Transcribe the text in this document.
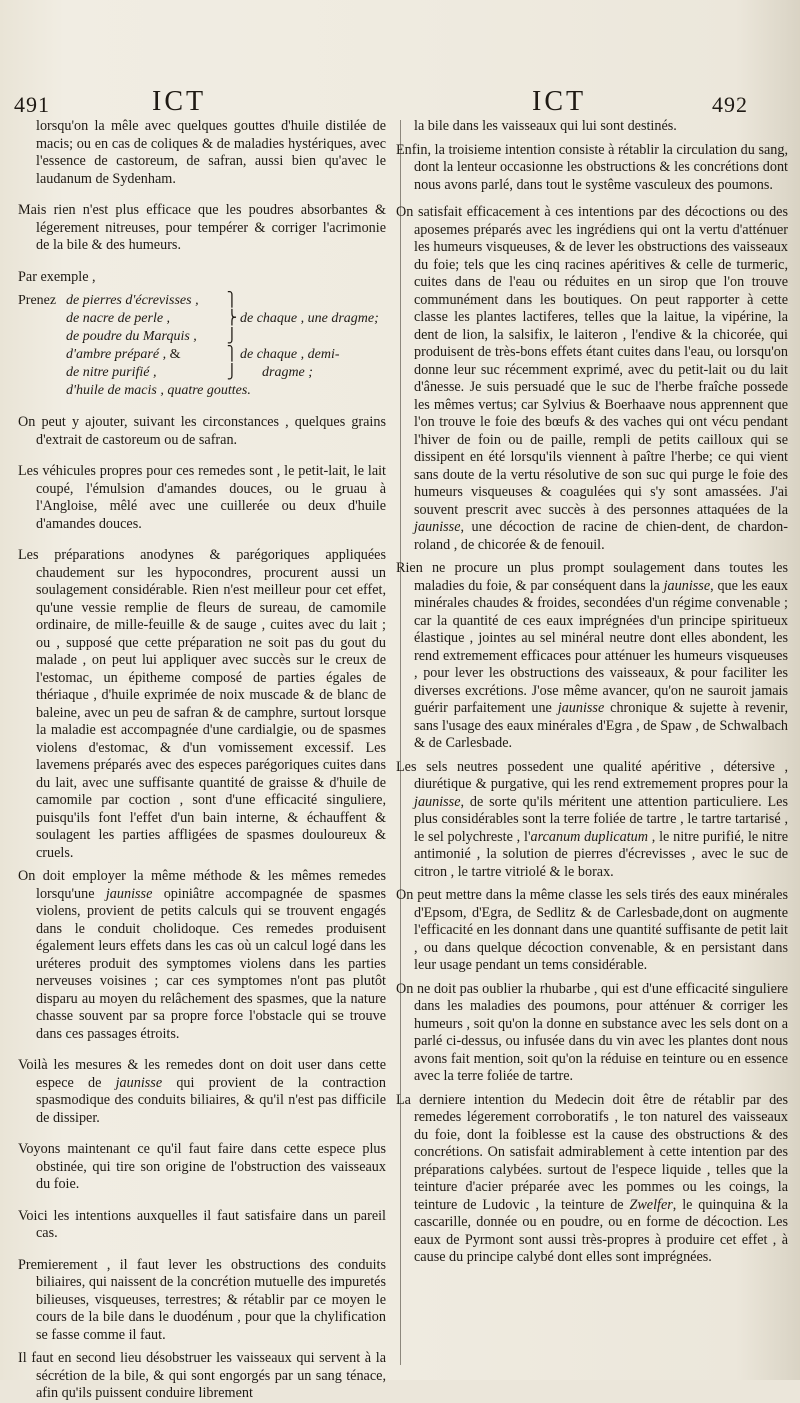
491	ICT	ICT	492

lorsqu'on la mêle avec quelques gouttes d'huile distilée de macis; ou en cas de coliques & de maladies hystériques, avec l'essence de castoreum, de safran, aussi bien qu'avec le laudanum de Sydenham.

Mais rien n'est plus efficace que les poudres absorbantes & légerement nitreuses, pour tempérer & corriger l'acrimonie de la bile & des humeurs.

Par exemple ,

Prenez de pierres d'écrevisses ,	⎫
de nacre de perle ,	⎬ de chaque , une dragme;
de poudre du Marquis ,	⎭
d'ambre préparé , &	⎫ de chaque , demi-
de nitre purifié ,	⎭	dragme ;
d'huile de macis , quatre gouttes.

On peut y ajouter, suivant les circonstances , quelques grains d'extrait de castoreum ou de safran.

Les véhicules propres pour ces remedes sont , le petit-lait, le lait coupé, l'émulsion d'amandes douces, ou le gruau à l'Angloise, mêlé avec une cuillerée ou deux d'huile d'amandes douces.

Les préparations anodynes & parégoriques appliquées chaudement sur les hypocondres, procurent aussi un soulagement considérable. Rien n'est meilleur pour cet effet, qu'une vessie remplie de fleurs de sureau, de camomile ordinaire, de mille-feuille & de sauge , cuites avec du lait ; ou , supposé que cette préparation ne soit pas du gout du malade , on peut lui appliquer avec succès sur le creux de l'estomac, un épitheme composé de parties égales de thériaque , d'huile exprimée de noix muscade & de blanc de baleine, avec un peu de safran & de camphre, surtout lorsque la maladie est accompagnée d'une cardialgie, ou de spasmes violens d'estomac, & d'un vomissement excessif. Les lavemens préparés avec des especes parégoriques cuites dans du lait, avec une suffisante quantité de graisse & d'huile de camomile par coction , sont d'une efficacité singuliere, puisqu'ils font l'effet d'un bain interne, & échauffent & soulagent les parties affligées de spasmes douloureux & cruels.

On doit employer la même méthode & les mêmes remedes lorsqu'une jaunisse opiniâtre accompagnée de spasmes violens, provient de petits calculs qui se trouvent engagés dans le conduit cholidoque. Ces remedes produisent également leurs effets dans les cas où un calcul logé dans les uréteres produit des symptomes violens dans les parties nerveuses voisines ; car ces symptomes n'ont pas plutôt disparu au moyen du relâchement des spasmes, que la nature chasse souvent par sa propre force l'obstacle qui se trouve dans ces passages étroits.

Voilà les mesures & les remedes dont on doit user dans cette espece de jaunisse qui provient de la contraction spasmodique des conduits biliaires, & qu'il n'est pas difficile de dissiper.

Voyons maintenant ce qu'il faut faire dans cette espece plus obstinée, qui tire son origine de l'obstruction des vaisseaux du foie.

Voici les intentions auxquelles il faut satisfaire dans un pareil cas.

Premierement , il faut lever les obstructions des conduits biliaires, qui naissent de la concrétion mutuelle des impuretés bilieuses, visqueuses, terrestres; & rétablir par ce moyen le cours de la bile dans le duodénum , pour que la chylification se fasse comme il faut.

Il faut en second lieu désobstruer les vaisseaux qui servent à la sécrétion de la bile, & qui sont engorgés par un sang ténace, afin qu'ils puissent conduire librement

la bile dans les vaisseaux qui lui sont destinés.

Enfin, la troisieme intention consiste à rétablir la circulation du sang, dont la lenteur occasionne les obstructions & les concrétions dont nous avons parlé, dans tout le systême vasculeux des poumons.

On satisfait efficacement à ces intentions par des décoctions ou des aposemes préparés avec les ingrédiens qui ont la vertu d'atténuer les humeurs visqueuses, & de lever les obstructions des vaisseaux du foie; tels que les cinq racines apéritives & celle de turmeric, cuites dans de l'eau ou réduites en un sirop que l'on trouve communément dans les boutiques. On peut rapporter à cette classe les plantes lactiferes, telles que la laitue, la vipérine, la dent de lion, la salsifix, le laiteron , l'endive & la chicorée, qui produisent de très-bons effets étant cuites dans l'eau, ou lorsqu'on donne leur suc récemment exprimé, avec du petit-lait ou du lait d'ânesse. Je suis persuadé que le suc de l'herbe fraîche possede les mêmes vertus; car Sylvius & Boerhaave nous apprennent que l'on trouve le foie des bœufs & des vaches qui ont vécu pendant l'hiver de foin ou de paille, rempli de petits cailloux qui se dissipent en été lorsqu'ils viennent à paître l'herbe; ce qui vient sans doute de la vertu résolutive de son suc qui purge le foie des humeurs visqueuses & coagulées qui s'y sont amassées. J'ai souvent prescrit avec succès à des personnes attaquées de la jaunisse, une décoction de racine de chien-dent, de chardon-roland , de chicorée & de fenouil.

Rien ne procure un plus prompt soulagement dans toutes les maladies du foie, & par conséquent dans la jaunisse, que les eaux minérales chaudes & froides, secondées d'un régime convenable ; car la quantité de ces eaux imprégnées d'un principe spiritueux élastique , jointes au sel minéral neutre dont elles abondent, les rend extremement efficaces pour atténuer les humeurs visqueuses , pour lever les obstructions des vaisseaux, & pour faciliter les diverses excrétions. J'ose même avancer, qu'on ne sauroit jamais guérir parfaitement une jaunisse chronique & sujette à revenir, sans l'usage des eaux minérales d'Egra , de Spaw , de Schwalbach & de Carlesbade.

Les sels neutres possedent une qualité apéritive , détersive , diurétique & purgative, qui les rend extremement propres pour la jaunisse, de sorte qu'ils méritent une attention particuliere. Les plus considérables sont la terre foliée de tartre , le tartre tartarisé , le sel polychreste , l'arcanum duplicatum , le nitre purifié, le nitre antimonié , la solution de pierres d'écrevisses , avec le suc de citron , le tartre vitriolé & le borax.

On peut mettre dans la même classe les sels tirés des eaux minérales d'Epsom, d'Egra, de Sedlitz & de Carlesbade,dont on augmente l'efficacité en les donnant dans une quantité suffisante de petit lait , ou dans quelque décoction convenable, & en persistant dans leur usage pendant un tems considérable.

On ne doit pas oublier la rhubarbe , qui est d'une efficacité singuliere dans les maladies des poumons, pour atténuer & corriger les humeurs , soit qu'on la donne en substance avec les sels dont on a parlé ci-dessus, ou infusée dans du vin avec les plantes dont nous avons fait mention, soit qu'on la réduise en teinture ou en essence avec la terre foliée de tartre.

La derniere intention du Medecin doit être de rétablir par des remedes légerement corroboratifs , le ton naturel des vaisseaux du foie, dont la foiblesse est la cause des obstructions & des concrétions. On satisfait admirablement à cette intention par des préparations calybées. surtout de l'espece liquide , telles que la teinture d'acier préparée avec les pommes ou les coings, la teinture de Ludovic , la teinture de Zwelfer, le quinquina & la cascarille, donnée ou en poudre, ou en forme de décoction. Les eaux de Pyrmont sont aussi très-propres à produire cet effet , à cause du principe calybé dont elles sont imprégnées.
